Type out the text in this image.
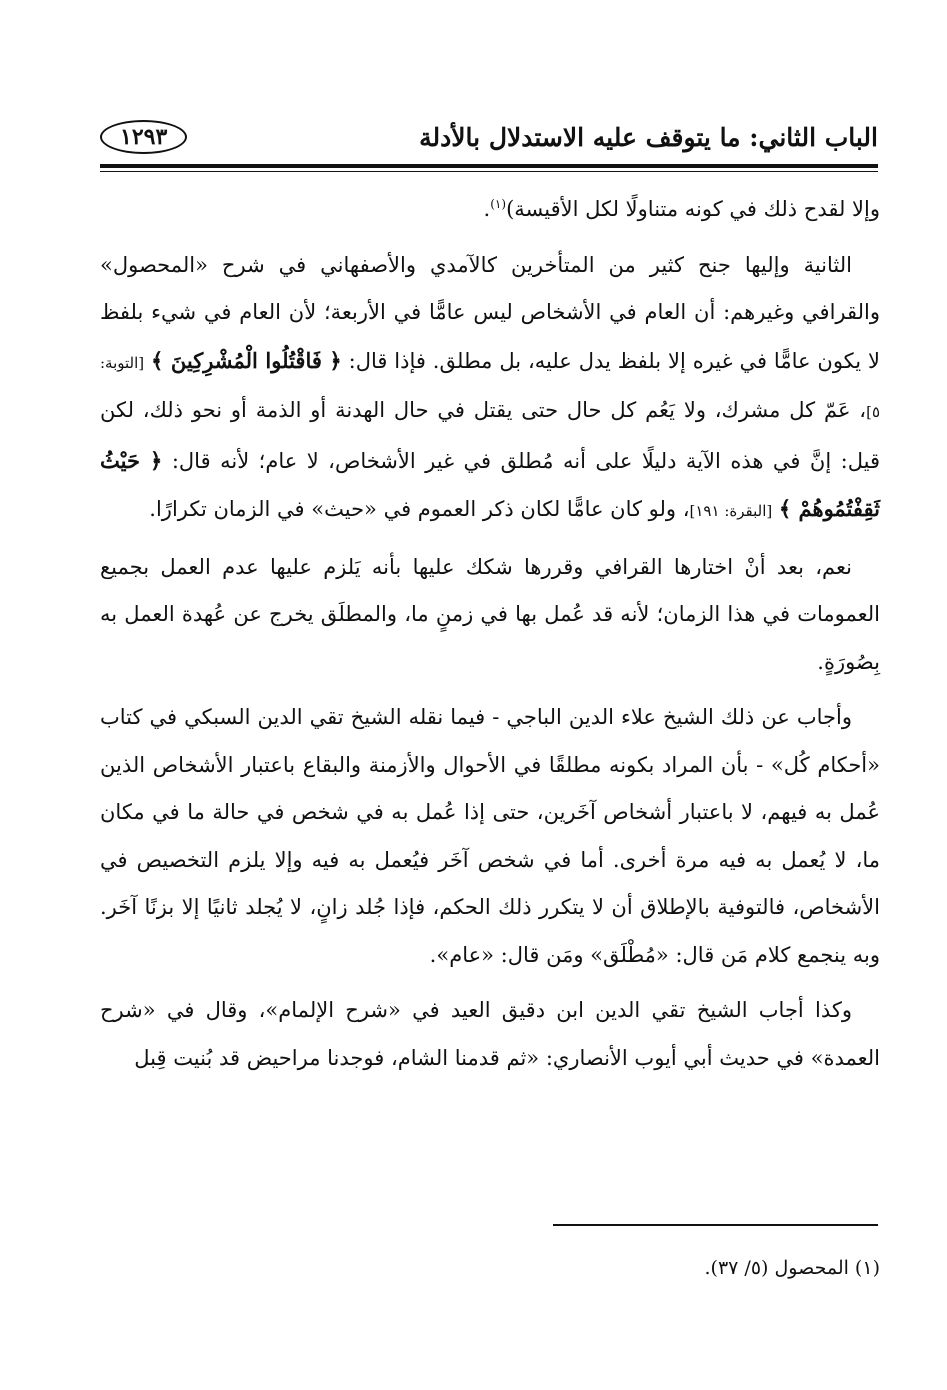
الباب الثاني: ما يتوقف عليه الاستدلال بالأدلة
١٢٩٣

وإلا لقدح ذلك في كونه متناولًا لكل الأقيسة)$^{(١)}$.

الثانية وإليها جنح كثير من المتأخرين كالآمدي والأصفهاني في شرح «المحصول» والقرافي وغيرهم: أن العام في الأشخاص ليس عامًّا في الأربعة؛ لأن العام في شيء بلفظ لا يكون عامًّا في غيره إلا بلفظ يدل عليه، بل مطلق. فإذا قال: ﴿ فَاقْتُلُوا الْمُشْرِكِينَ ﴾ [التوبة: ٥]، عَمّ كل مشرك، ولا يَعُم كل حال حتى يقتل في حال الهدنة أو الذمة أو نحو ذلك، لكن قيل: إنَّ في هذه الآية دليلًا على أنه مُطلق في غير الأشخاص، لا عام؛ لأنه قال: ﴿ حَيْثُ ثَقِفْتُمُوهُمْ ﴾ [البقرة: ١٩١]، ولو كان عامًّا لكان ذكر العموم في «حيث» في الزمان تكرارًا.

نعم، بعد أنْ اختارها القرافي وقررها شكك عليها بأنه يَلزم عليها عدم العمل بجميع العمومات في هذا الزمان؛ لأنه قد عُمل بها في زمنٍ ما، والمطلَق يخرج عن عُهدة العمل به بِصُورَةٍ.

وأجاب عن ذلك الشيخ علاء الدين الباجي - فيما نقله الشيخ تقي الدين السبكي في كتاب «أحكام كُل» - بأن المراد بكونه مطلقًا في الأحوال والأزمنة والبقاع باعتبار الأشخاص الذين عُمل به فيهم، لا باعتبار أشخاص آخَرين، حتى إذا عُمل به في شخص في حالة ما في مكان ما، لا يُعمل به فيه مرة أخرى. أما في شخص آخَر فيُعمل به فيه وإلا يلزم التخصيص في الأشخاص، فالتوفية بالإطلاق أن لا يتكرر ذلك الحكم، فإذا جُلد زانٍ، لا يُجلد ثانيًا إلا بزنًا آخَر. وبه ينجمع كلام مَن قال: «مُطْلَق» ومَن قال: «عام».

وكذا أجاب الشيخ تقي الدين ابن دقيق العيد في «شرح الإلمام»، وقال في «شرح العمدة» في حديث أبي أيوب الأنصاري: «ثم قدمنا الشام، فوجدنا مراحيض قد بُنيت قِبل

(١) المحصول (٥/ ٣٧).
